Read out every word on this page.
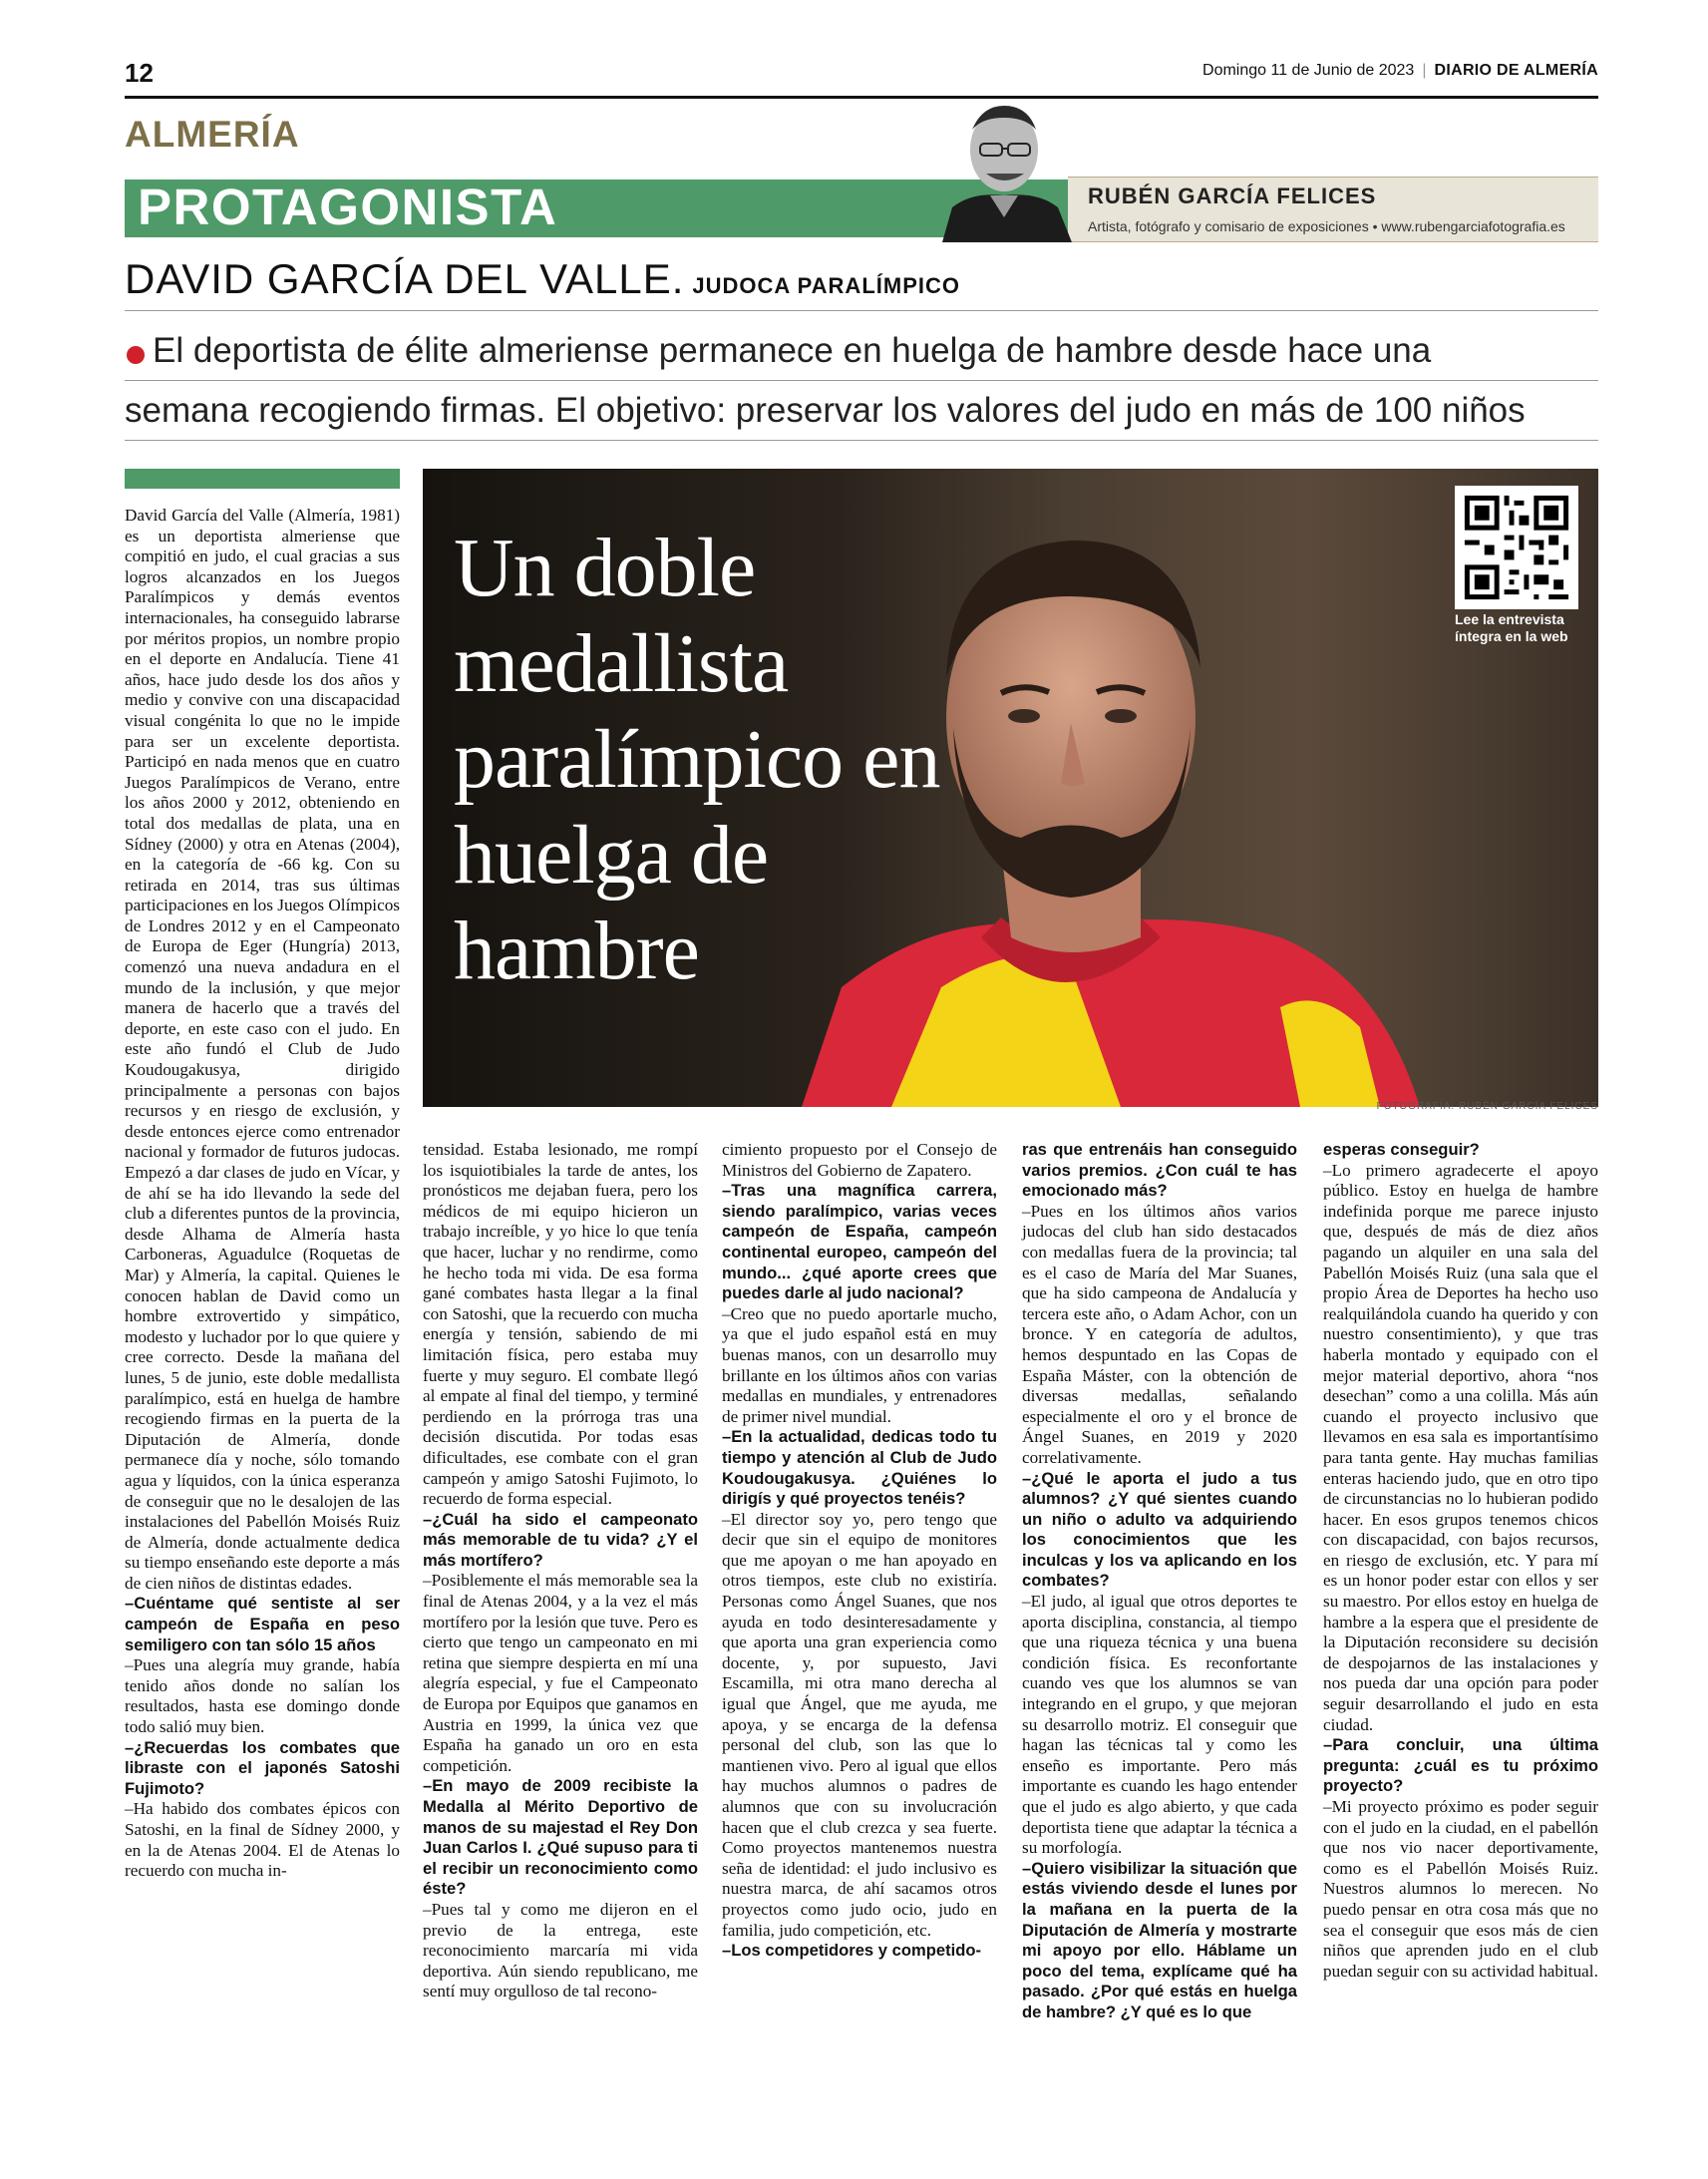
12	Domingo 11 de Junio de 2023 | DIARIO DE ALMERÍA
ALMERÍA
PROTAGONISTA	RUBÉN GARCÍA FELICES
Artista, fotógrafo y comisario de exposiciones • www.rubengarciafotografia.es
DAVID GARCÍA DEL VALLE. JUDOCA PARALÍMPICO
El deportista de élite almeriense permanece en huelga de hambre desde hace una
semana recogiendo firmas. El objetivo: preservar los valores del judo en más de 100 niños
FOTOGRAFÍA: RUBÉN GARCÍA FELICES
Un doble medallista paralímpico en huelga de hambre
Lee la entrevista íntegra en la web

David García del Valle (Almería, 1981) es un deportista almeriense que compitió en judo, el cual gracias a sus logros alcanzados en los Juegos Paralímpicos y demás eventos internacionales, ha conseguido labrarse por méritos propios, un nombre propio en el deporte en Andalucía. Tiene 41 años, hace judo desde los dos años y medio y convive con una discapacidad visual congénita lo que no le impide para ser un excelente deportista. Participó en nada menos que en cuatro Juegos Paralímpicos de Verano, entre los años 2000 y 2012, obteniendo en total dos medallas de plata, una en Sídney (2000) y otra en Atenas (2004), en la categoría de -66 kg. Con su retirada en 2014, tras sus últimas participaciones en los Juegos Olímpicos de Londres 2012 y en el Campeonato de Europa de Eger (Hungría) 2013, comenzó una nueva andadura en el mundo de la inclusión, y que mejor manera de hacerlo que a través del deporte, en este caso con el judo. En este año fundó el Club de Judo Koudougakusya, dirigido principalmente a personas con bajos recursos y en riesgo de exclusión, y desde entonces ejerce como entrenador nacional y formador de futuros judocas. Empezó a dar clases de judo en Vícar, y de ahí se ha ido llevando la sede del club a diferentes puntos de la provincia, desde Alhama de Almería hasta Carboneras, Aguadulce (Roquetas de Mar) y Almería, la capital. Quienes le conocen hablan de David como un hombre extrovertido y simpático, modesto y luchador por lo que quiere y cree correcto. Desde la mañana del lunes, 5 de junio, este doble medallista paralímpico, está en huelga de hambre recogiendo firmas en la puerta de la Diputación de Almería, donde permanece día y noche, sólo tomando agua y líquidos, con la única esperanza de conseguir que no le desalojen de las instalaciones del Pabellón Moisés Ruiz de Almería, donde actualmente dedica su tiempo enseñando este deporte a más de cien niños de distintas edades.

–Cuéntame qué sentiste al ser campeón de España en peso semiligero con tan sólo 15 años

–Pues una alegría muy grande, había tenido años donde no salían los resultados, hasta ese domingo donde todo salió muy bien.

–¿Recuerdas los combates que libraste con el japonés Satoshi Fujimoto?

–Ha habido dos combates épicos con Satoshi, en la final de Sídney 2000, y en la de Atenas 2004. El de Atenas lo recuerdo con mucha in-

tensidad. Estaba lesionado, me rompí los isquiotibiales la tarde de antes, los pronósticos me dejaban fuera, pero los médicos de mi equipo hicieron un trabajo increíble, y yo hice lo que tenía que hacer, luchar y no rendirme, como he hecho toda mi vida. De esa forma gané combates hasta llegar a la final con Satoshi, que la recuerdo con mucha energía y tensión, sabiendo de mi limitación física, pero estaba muy fuerte y muy seguro. El combate llegó al empate al final del tiempo, y terminé perdiendo en la prórroga tras una decisión discutida. Por todas esas dificultades, ese combate con el gran campeón y amigo Satoshi Fujimoto, lo recuerdo de forma especial.

–¿Cuál ha sido el campeonato más memorable de tu vida? ¿Y el más mortífero?

–Posiblemente el más memorable sea la final de Atenas 2004, y a la vez el más mortífero por la lesión que tuve. Pero es cierto que tengo un campeonato en mi retina que siempre despierta en mí una alegría especial, y fue el Campeonato de Europa por Equipos que ganamos en Austria en 1999, la única vez que España ha ganado un oro en esta competición.

–En mayo de 2009 recibiste la Medalla al Mérito Deportivo de manos de su majestad el Rey Don Juan Carlos I. ¿Qué supuso para ti el recibir un reconocimiento como éste?

–Pues tal y como me dijeron en el previo de la entrega, este reconocimiento marcaría mi vida deportiva. Aún siendo republicano, me sentí muy orgulloso de tal recono-

cimiento propuesto por el Consejo de Ministros del Gobierno de Zapatero.

–Tras una magnífica carrera, siendo paralímpico, varias veces campeón de España, campeón continental europeo, campeón del mundo... ¿qué aporte crees que puedes darle al judo nacional?

–Creo que no puedo aportarle mucho, ya que el judo español está en muy buenas manos, con un desarrollo muy brillante en los últimos años con varias medallas en mundiales, y entrenadores de primer nivel mundial.

–En la actualidad, dedicas todo tu tiempo y atención al Club de Judo Koudougakusya. ¿Quiénes lo dirigís y qué proyectos tenéis?

–El director soy yo, pero tengo que decir que sin el equipo de monitores que me apoyan o me han apoyado en otros tiempos, este club no existiría. Personas como Ángel Suanes, que nos ayuda en todo desinteresadamente y que aporta una gran experiencia como docente, y, por supuesto, Javi Escamilla, mi otra mano derecha al igual que Ángel, que me ayuda, me apoya, y se encarga de la defensa personal del club, son las que lo mantienen vivo. Pero al igual que ellos hay muchos alumnos o padres de alumnos que con su involucración hacen que el club crezca y sea fuerte. Como proyectos mantenemos nuestra seña de identidad: el judo inclusivo es nuestra marca, de ahí sacamos otros proyectos como judo ocio, judo en familia, judo competición, etc.

–Los competidores y competido-

ras que entrenáis han conseguido varios premios. ¿Con cuál te has emocionado más?

–Pues en los últimos años varios judocas del club han sido destacados con medallas fuera de la provincia; tal es el caso de María del Mar Suanes, que ha sido campeona de Andalucía y tercera este año, o Adam Achor, con un bronce. Y en categoría de adultos, hemos despuntado en las Copas de España Máster, con la obtención de diversas medallas, señalando especialmente el oro y el bronce de Ángel Suanes, en 2019 y 2020 correlativamente.

–¿Qué le aporta el judo a tus alumnos? ¿Y qué sientes cuando un niño o adulto va adquiriendo los conocimientos que les inculcas y los va aplicando en los combates?

–El judo, al igual que otros deportes te aporta disciplina, constancia, al tiempo que una riqueza técnica y una buena condición física. Es reconfortante cuando ves que los alumnos se van integrando en el grupo, y que mejoran su desarrollo motriz. El conseguir que hagan las técnicas tal y como les enseño es importante. Pero más importante es cuando les hago entender que el judo es algo abierto, y que cada deportista tiene que adaptar la técnica a su morfología.

–Quiero visibilizar la situación que estás viviendo desde el lunes por la mañana en la puerta de la Diputación de Almería y mostrarte mi apoyo por ello. Háblame un poco del tema, explícame qué ha pasado. ¿Por qué estás en huelga de hambre? ¿Y qué es lo que

esperas conseguir?

–Lo primero agradecerte el apoyo público. Estoy en huelga de hambre indefinida porque me parece injusto que, después de más de diez años pagando un alquiler en una sala del Pabellón Moisés Ruiz (una sala que el propio Área de Deportes ha hecho uso realquilándola cuando ha querido y con nuestro consentimiento), y que tras haberla montado y equipado con el mejor material deportivo, ahora “nos desechan” como a una colilla. Más aún cuando el proyecto inclusivo que llevamos en esa sala es importantísimo para tanta gente. Hay muchas familias enteras haciendo judo, que en otro tipo de circunstancias no lo hubieran podido hacer. En esos grupos tenemos chicos con discapacidad, con bajos recursos, en riesgo de exclusión, etc. Y para mí es un honor poder estar con ellos y ser su maestro. Por ellos estoy en huelga de hambre a la espera que el presidente de la Diputación reconsidere su decisión de despojarnos de las instalaciones y nos pueda dar una opción para poder seguir desarrollando el judo en esta ciudad.

–Para concluir, una última pregunta: ¿cuál es tu próximo proyecto?

–Mi proyecto próximo es poder seguir con el judo en la ciudad, en el pabellón que nos vio nacer deportivamente, como es el Pabellón Moisés Ruiz. Nuestros alumnos lo merecen. No puedo pensar en otra cosa más que no sea el conseguir que esos más de cien niños que aprenden judo en el club puedan seguir con su actividad habitual.
